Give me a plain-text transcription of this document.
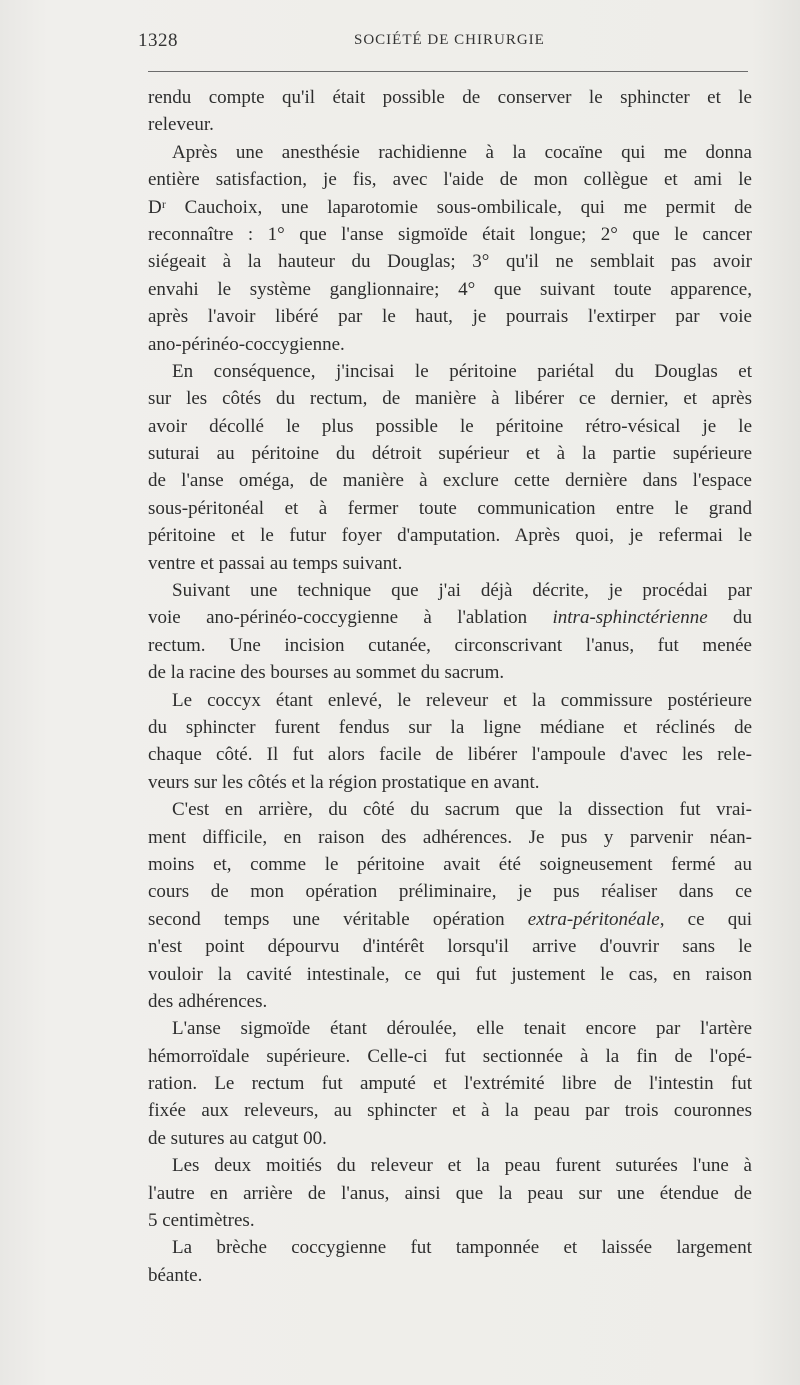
1328	SOCIÉTÉ DE CHIRURGIE
rendu compte qu'il était possible de conserver le sphincter et le
releveur.
Après une anesthésie rachidienne à la cocaïne qui me donna
entière satisfaction, je fis, avec l'aide de mon collègue et ami le
Dʳ Cauchoix, une laparotomie sous-ombilicale, qui me permit de
reconnaître : 1° que l'anse sigmoïde était longue; 2° que le cancer
siégeait à la hauteur du Douglas; 3° qu'il ne semblait pas avoir
envahi le système ganglionnaire; 4° que suivant toute apparence,
après l'avoir libéré par le haut, je pourrais l'extirper par voie
ano-périnéo-coccygienne.
En conséquence, j'incisai le péritoine pariétal du Douglas et
sur les côtés du rectum, de manière à libérer ce dernier, et après
avoir décollé le plus possible le péritoine rétro-vésical je le
suturai au péritoine du détroit supérieur et à la partie supérieure
de l'anse oméga, de manière à exclure cette dernière dans l'espace
sous-péritonéal et à fermer toute communication entre le grand
péritoine et le futur foyer d'amputation. Après quoi, je refermai le
ventre et passai au temps suivant.
Suivant une technique que j'ai déjà décrite, je procédai par
voie ano-périnéo-coccygienne à l'ablation intra-sphinctérienne du
rectum. Une incision cutanée, circonscrivant l'anus, fut menée
de la racine des bourses au sommet du sacrum.
Le coccyx étant enlevé, le releveur et la commissure postérieure
du sphincter furent fendus sur la ligne médiane et réclinés de
chaque côté. Il fut alors facile de libérer l'ampoule d'avec les rele-
veurs sur les côtés et la région prostatique en avant.
C'est en arrière, du côté du sacrum que la dissection fut vrai-
ment difficile, en raison des adhérences. Je pus y parvenir néan-
moins et, comme le péritoine avait été soigneusement fermé au
cours de mon opération préliminaire, je pus réaliser dans ce
second temps une véritable opération extra-péritonéale, ce qui
n'est point dépourvu d'intérêt lorsqu'il arrive d'ouvrir sans le
vouloir la cavité intestinale, ce qui fut justement le cas, en raison
des adhérences.
L'anse sigmoïde étant déroulée, elle tenait encore par l'artère
hémorroïdale supérieure. Celle-ci fut sectionnée à la fin de l'opé-
ration. Le rectum fut amputé et l'extrémité libre de l'intestin fut
fixée aux releveurs, au sphincter et à la peau par trois couronnes
de sutures au catgut 00.
Les deux moitiés du releveur et la peau furent suturées l'une à
l'autre en arrière de l'anus, ainsi que la peau sur une étendue de
5 centimètres.
La brèche coccygienne fut tamponnée et laissée largement
béante.
